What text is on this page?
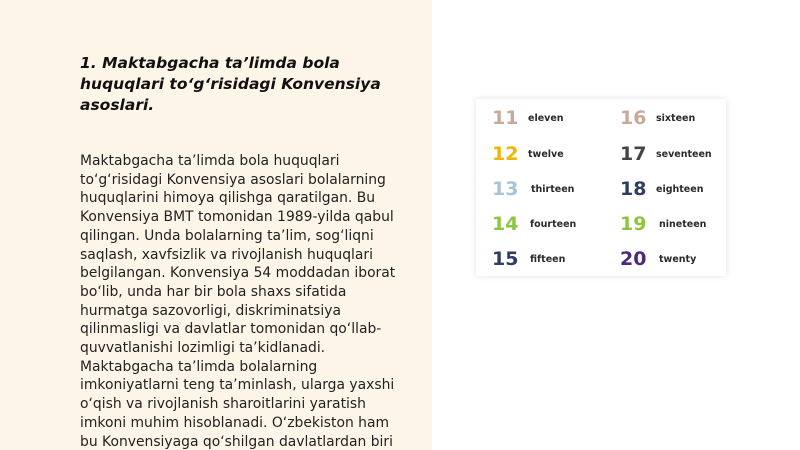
1. Maktabgacha ta’limda bola
huquqlari to‘g‘risidagi Konvensiya
asoslari.
Maktabgacha ta’limda bola huquqlari
to‘g‘risidagi Konvensiya asoslari bolalarning
huquqlarini himoya qilishga qaratilgan. Bu
Konvensiya BMT tomonidan 1989-yilda qabul
qilingan. Unda bolalarning ta’lim, sog‘liqni
saqlash, xavfsizlik va rivojlanish huquqlari
belgilangan. Konvensiya 54 moddadan iborat
bo‘lib, unda har bir bola shaxs sifatida
hurmatga sazovorligi, diskriminatsiya
qilinmasligi va davlatlar tomonidan qo‘llab-
quvvatlanishi lozimligi ta’kidlanadi.
Maktabgacha ta’limda bolalarning
imkoniyatlarni teng ta’minlash, ularga yaxshi
o‘qish va rivojlanish sharoitlarini yaratish
imkoni muhim hisoblanadi. O‘zbekiston ham
bu Konvensiyaga qo‘shilgan davlatlardan biri
11	eleven
12	twelve
13	thirteen
14	fourteen
15	fifteen
16	sixteen
17	seventeen
18	eighteen
19	nineteen
20	twenty
